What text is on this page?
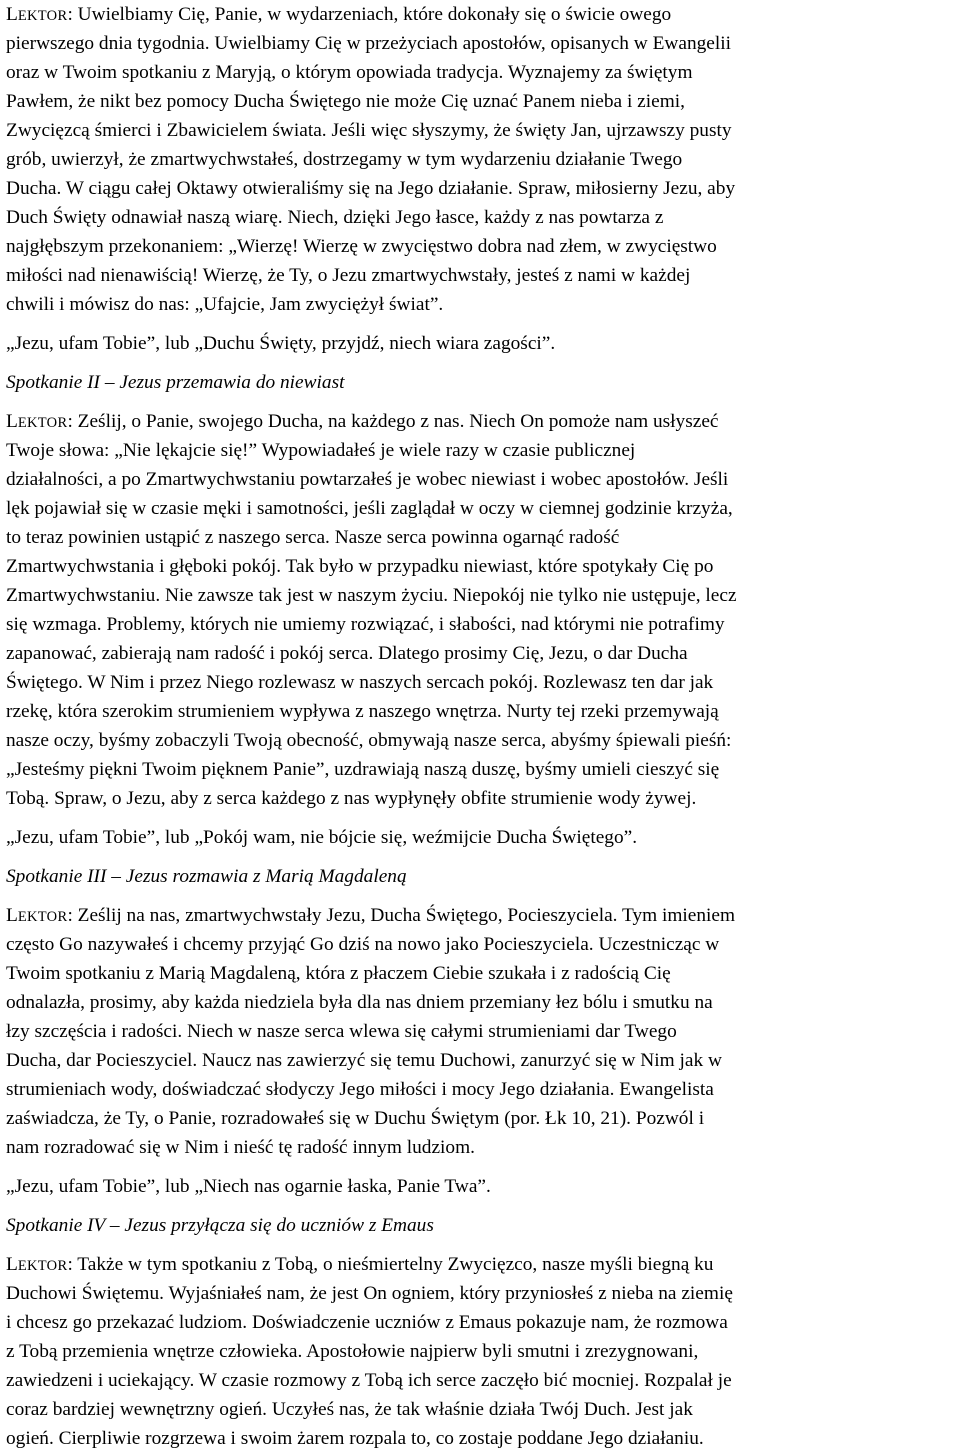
LEKTOR: Uwielbiamy Cię, Panie, w wydarzeniach, które dokonały się o świcie owego
pierwszego dnia tygodnia. Uwielbiamy Cię w przeżyciach apostołów, opisanych w Ewangelii
oraz w Twoim spotkaniu z Maryją, o którym opowiada tradycja. Wyznajemy za świętym
Pawłem, że nikt bez pomocy Ducha Świętego nie może Cię uznać Panem nieba i ziemi,
Zwycięzcą śmierci i Zbawicielem świata. Jeśli więc słyszymy, że święty Jan, ujrzawszy pusty
grób, uwierzył, że zmartwychwstałeś, dostrzegamy w tym wydarzeniu działanie Twego
Ducha. W ciągu całej Oktawy otwieraliśmy się na Jego działanie. Spraw, miłosierny Jezu, aby
Duch Święty odnawiał naszą wiarę. Niech, dzięki Jego łasce, każdy z nas powtarza z
najgłębszym przekonaniem: „Wierzę! Wierzę w zwycięstwo dobra nad złem, w zwycięstwo
miłości nad nienawiścią! Wierzę, że Ty, o Jezu zmartwychwstały, jesteś z nami w każdej
chwili i mówisz do nas: „Ufajcie, Jam zwyciężył świat”.
„Jezu, ufam Tobie”, lub „Duchu Święty, przyjdź, niech wiara zagości”.
Spotkanie II – Jezus przemawia do niewiast
LEKTOR: Ześlij, o Panie, swojego Ducha, na każdego z nas. Niech On pomoże nam usłyszeć
Twoje słowa: „Nie lękajcie się!” Wypowiadałeś je wiele razy w czasie publicznej
działalności, a po Zmartwychwstaniu powtarzałeś je wobec niewiast i wobec apostołów. Jeśli
lęk pojawiał się w czasie męki i samotności, jeśli zaglądał w oczy w ciemnej godzinie krzyża,
to teraz powinien ustąpić z naszego serca. Nasze serca powinna ogarnąć radość
Zmartwychwstania i głęboki pokój. Tak było w przypadku niewiast, które spotykały Cię po
Zmartwychwstaniu. Nie zawsze tak jest w naszym życiu. Niepokój nie tylko nie ustępuje, lecz
się wzmaga. Problemy, których nie umiemy rozwiązać, i słabości, nad którymi nie potrafimy
zapanować, zabierają nam radość i pokój serca. Dlatego prosimy Cię, Jezu, o dar Ducha
Świętego. W Nim i przez Niego rozlewasz w naszych sercach pokój. Rozlewasz ten dar jak
rzekę, która szerokim strumieniem wypływa z naszego wnętrza. Nurty tej rzeki przemywają
nasze oczy, byśmy zobaczyli Twoją obecność, obmywają nasze serca, abyśmy śpiewali pieśń:
„Jesteśmy piękni Twoim pięknem Panie”, uzdrawiają naszą duszę, byśmy umieli cieszyć się
Tobą. Spraw, o Jezu, aby z serca każdego z nas wypłynęły obfite strumienie wody żywej.
„Jezu, ufam Tobie”, lub „Pokój wam, nie bójcie się, weźmijcie Ducha Świętego”.
Spotkanie III – Jezus rozmawia z Marią Magdaleną
LEKTOR: Ześlij na nas, zmartwychwstały Jezu, Ducha Świętego, Pocieszyciela. Tym imieniem
często Go nazywałeś i chcemy przyjąć Go dziś na nowo jako Pocieszyciela. Uczestnicząc w
Twoim spotkaniu z Marią Magdaleną, która z płaczem Ciebie szukała i z radością Cię
odnalazła, prosimy, aby każda niedziela była dla nas dniem przemiany łez bólu i smutku na
łzy szczęścia i radości. Niech w nasze serca wlewa się całymi strumieniami dar Twego
Ducha, dar Pocieszyciel. Naucz nas zawierzyć się temu Duchowi, zanurzyć się w Nim jak w
strumieniach wody, doświadczać słodyczy Jego miłości i mocy Jego działania. Ewangelista
zaświadcza, że Ty, o Panie, rozradowałeś się w Duchu Świętym (por. Łk 10, 21). Pozwól i
nam rozradować się w Nim i nieść tę radość innym ludziom.
„Jezu, ufam Tobie”, lub „Niech nas ogarnie łaska, Panie Twa”.
Spotkanie IV – Jezus przyłącza się do uczniów z Emaus
LEKTOR: Także w tym spotkaniu z Tobą, o nieśmiertelny Zwycięzco, nasze myśli biegną ku
Duchowi Świętemu. Wyjaśniałeś nam, że jest On ogniem, który przyniosłeś z nieba na ziemię
i chcesz go przekazać ludziom. Doświadczenie uczniów z Emaus pokazuje nam, że rozmowa
z Tobą przemienia wnętrze człowieka. Apostołowie najpierw byli smutni i zrezygnowani,
zawiedzeni i uciekający. W czasie rozmowy z Tobą ich serce zaczęło bić mocniej. Rozpalał je
coraz bardziej wewnętrzny ogień. Uczyłeś nas, że tak właśnie działa Twój Duch. Jest jak
ogień. Cierpliwie rozgrzewa i swoim żarem rozpala to, co zostaje poddane Jego działaniu.
